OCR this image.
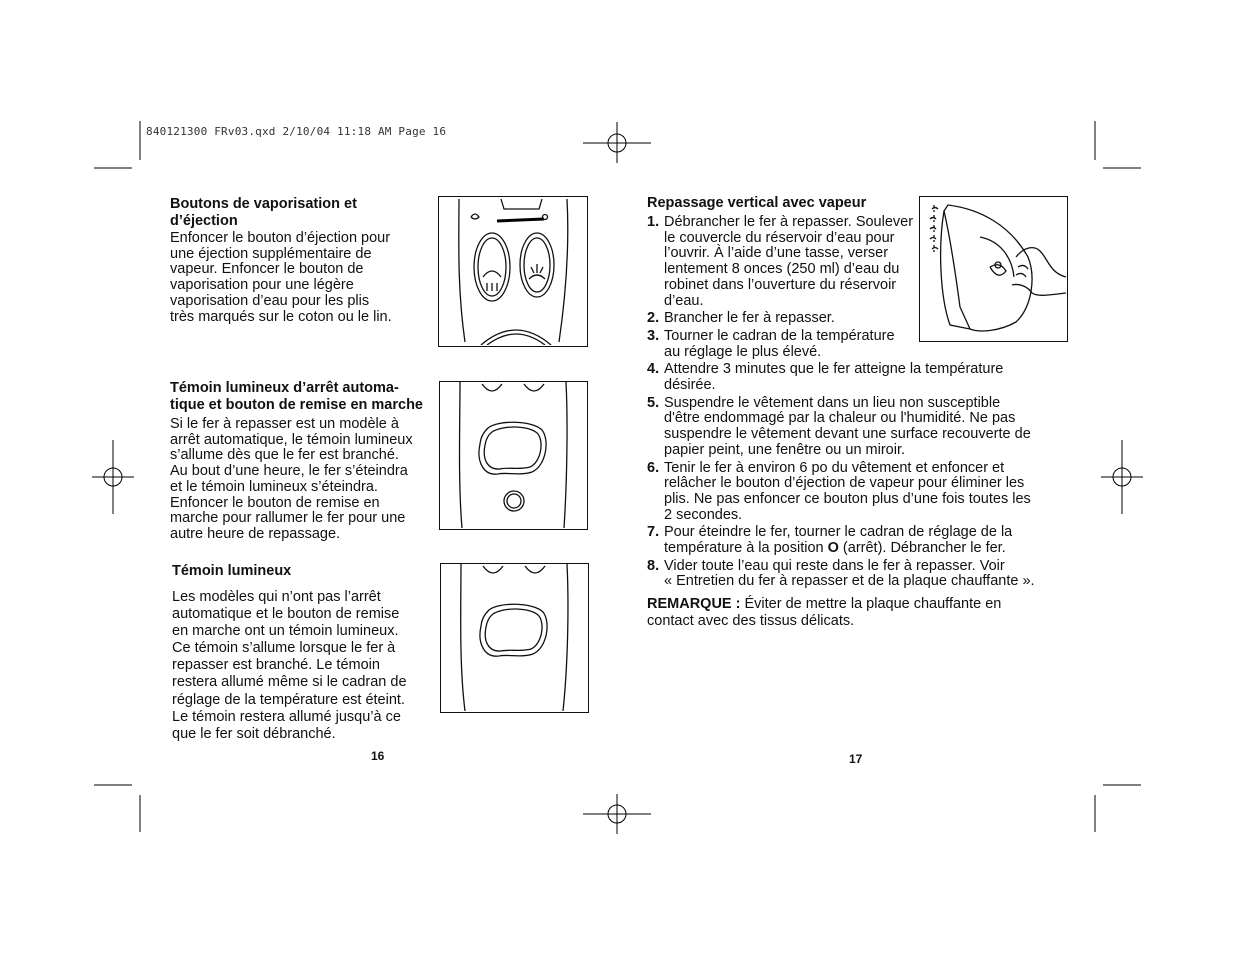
840121300 FRv03.qxd 2/10/04 11:18 AM Page 16
Boutons de vaporisation et
d’éjection
Enfoncer le bouton d’éjection pour
une éjection supplémentaire de
vapeur. Enfoncer le bouton de
vaporisation pour une légère
vaporisation d’eau pour les plis
très marqués sur le coton ou le lin.
Témoin lumineux d’arrêt automa-
tique et bouton de remise en marche
Si le fer à repasser est un modèle à
arrêt automatique, le témoin lumineux
s’allume dès que le fer est branché.
Au bout d’une heure, le fer s’éteindra
et le témoin lumineux s’éteindra.
Enfoncer le bouton de remise en
marche pour rallumer le fer pour une
autre heure de repassage.
Témoin lumineux
Les modèles qui n’ont pas l’arrêt
automatique et le bouton de remise
en marche ont un témoin lumineux.
Ce témoin s’allume lorsque le fer à
repasser est branché. Le témoin
restera allumé même si le cadran de
réglage de la température est éteint.
Le témoin restera allumé jusqu’à ce
que le fer soit débranché.
16
Repassage vertical avec vapeur
1. Débrancher le fer à repasser. Soulever
le couvercle du réservoir d’eau pour
l’ouvrir. À l’aide d’une tasse, verser
lentement 8 onces (250 ml) d’eau du
robinet dans l’ouverture du réservoir
d’eau.
2. Brancher le fer à repasser.
3. Tourner le cadran de la température
au réglage le plus élevé.
4. Attendre 3 minutes que le fer atteigne la température
désirée.
5. Suspendre le vêtement dans un lieu non susceptible
d'être endommagé par la chaleur ou l'humidité. Ne pas
suspendre le vêtement devant une surface recouverte de
papier peint, une fenêtre ou un miroir.
6. Tenir le fer à environ 6 po du vêtement et enfoncer et
relâcher le bouton d’éjection de vapeur pour éliminer les
plis. Ne pas enfoncer ce bouton plus d’une fois toutes les
2 secondes.
7. Pour éteindre le fer, tourner le cadran de réglage de la
température à la position O (arrêt). Débrancher le fer.
8. Vider toute l’eau qui reste dans le fer à repasser. Voir
« Entretien du fer à repasser et de la plaque chauffante ».
REMARQUE : Éviter de mettre la plaque chauffante en
contact avec des tissus délicats.
17
